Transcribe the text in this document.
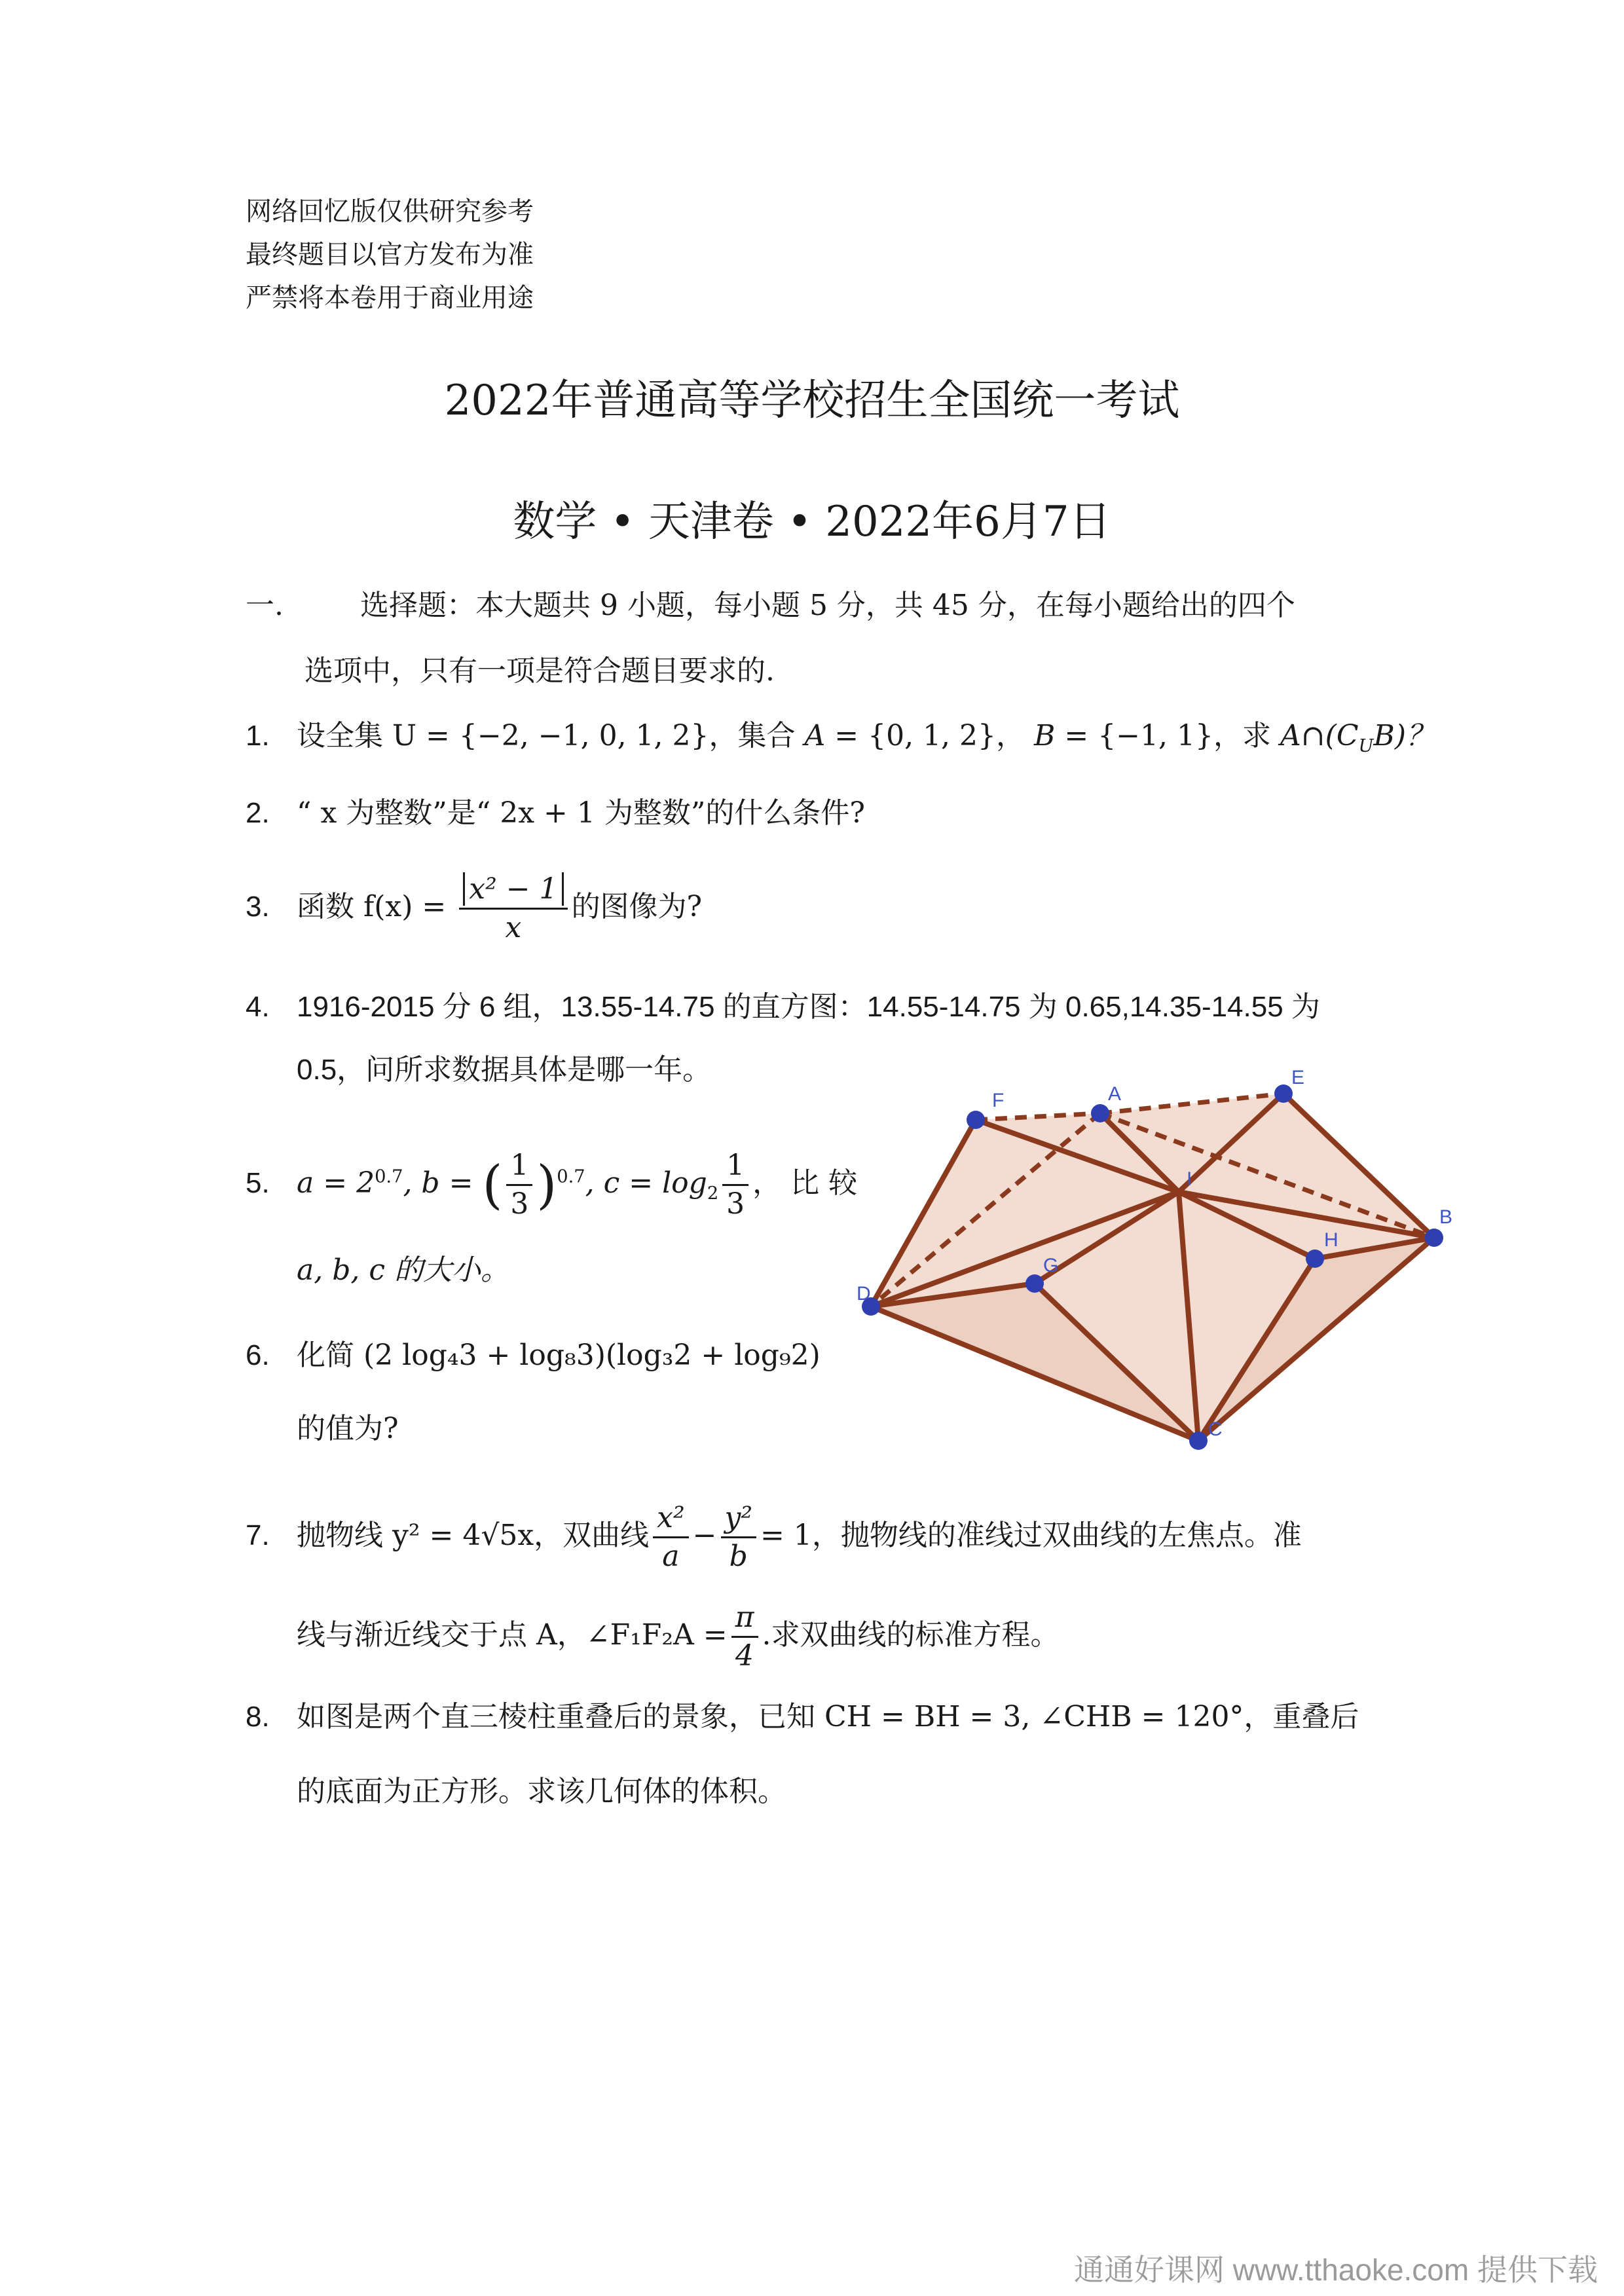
网络回忆版仅供研究参考
最终题目以官方发布为准
严禁将本卷用于商业用途
2022年普通高等学校招生全国统一考试
数学 • 天津卷 • 2022年6月7日
一.	选择题：本大题共 9 小题，每小题 5 分，共 45 分，在每小题给出的四个
选项中，只有一项是符合题目要求的.
1. 设全集 U = {−2, −1, 0, 1, 2}，集合 A = {0, 1, 2}， B = {−1, 1}，求 $A\cap(C_UB)$？
2. “ x 为整数”是“ 2x + 1 为整数”的什么条件?
3. 函数 $f(x) = \frac{\text{x² − 1}}{x}$ 的图像为?
4. 1916-2015 分 6 组，13.55-14.75 的直方图：14.55-14.75 为 0.65,14.35-14.55 为
0.5，问所求数据具体是哪一年。
5. $a = 2^{0.7}$, b = ( $\frac{1}{3} )^{0.7}$, $c = \log_2 \frac{1}{3}$ ， 比 较
a, b, c 的大小。
6. 化简 (2 log₄3 + log₈3)(log₃2 + log₉2)
的值为?
7. 抛物线 y² = 4√5x，双曲线 $\frac{\text{x²}}{a} - \frac{\text{y²}}{b} = 1$，抛物线的准线过双曲线的左焦点。准
线与渐近线交于点 A，∠F₁F₂A = $\frac{\pi}{4}$ .求双曲线的标准方程。
8. 如图是两个直三棱柱重叠后的景象，已知 CH = BH = 3, ∠CHB = 120°，重叠后
的底面为正方形。求该几何体的体积。
F	A
E
B
H
G
D
C
I
通通好课网 www.tthaoke.com 提供下载
